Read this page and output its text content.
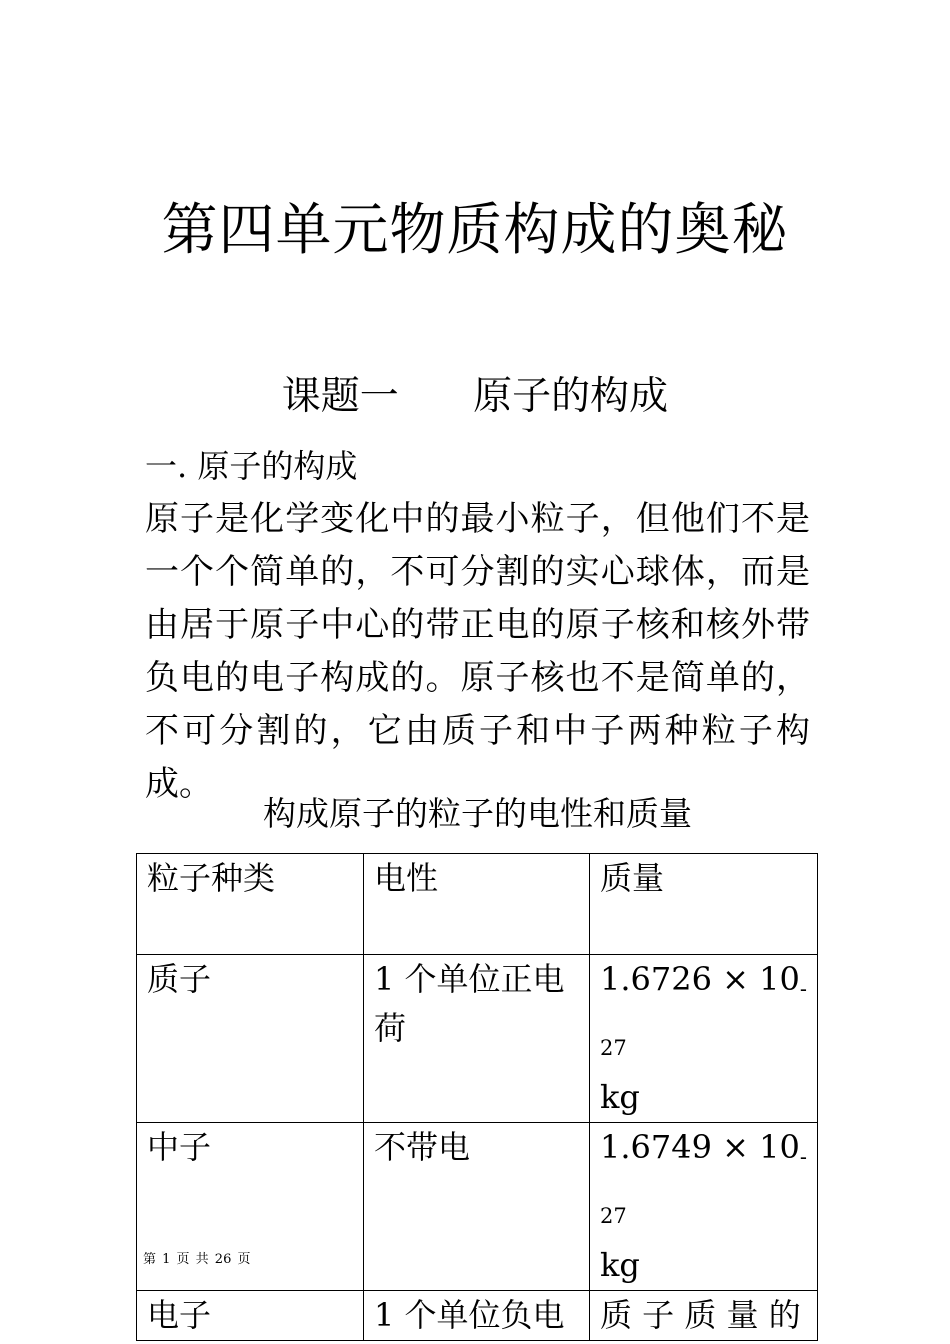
第四单元物质构成的奥秘
课题一      原子的构成
一. 原子的构成
原子是化学变化中的最小粒子，但他们不是一个个简单的，不可分割的实心球体，而是由居于原子中心的带正电的原子核和核外带负电的电子构成的。原子核也不是简单的，不可分割的，它由质子和中子两种粒子构成。
构成原子的粒子的电性和质量
粒子种类	电性	质量
质子	1 个单位正电荷	$1.6726 \times 10_{-27}$
kg
中子	不带电	$1.6749 \times 10_{-27}$
kg
电子	1 个单位负电	质 子 质 量 的
第 1 页 共 26 页
